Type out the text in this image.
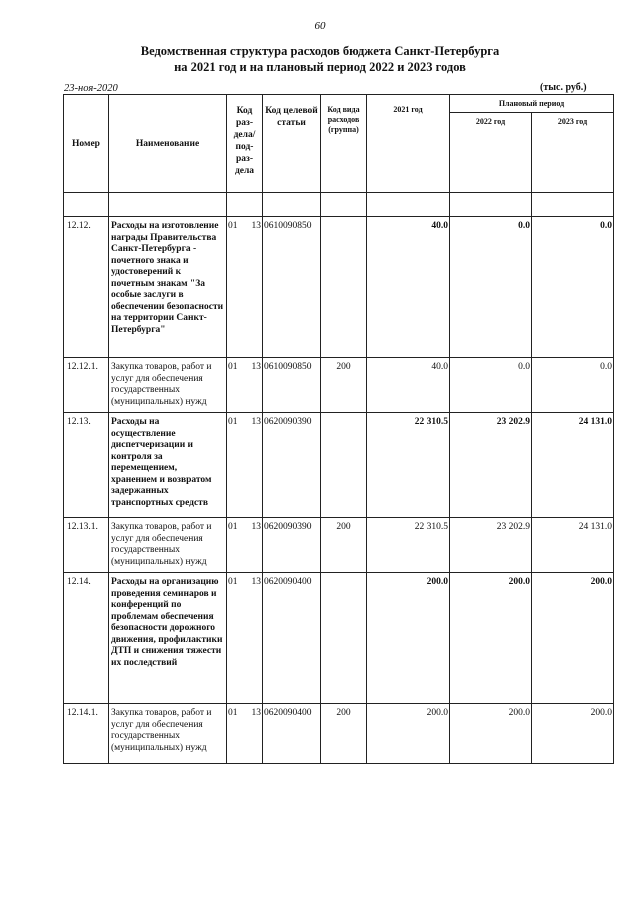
60
Ведомственная структура расходов бюджета Санкт-Петербурга
на 2021 год и на плановый период 2022 и 2023 годов
23-ноя-2020	(тыс. руб.)
Номер	Наименование	Код раз-дела/ под-раз-дела	Код целевой статьи	Код вида расходов (группа)	2021 год	Плановый период	
						2022 год	2023 год

12.12.	Расходы на изготовление награды Правительства Санкт-Петербурга - почетного знака и удостоверений к почетным знакам "За особые заслуги в обеспечении безопасности на территории Санкт-Петербурга"	01 13	0610090850		40.0	0.0	0.0
12.12.1.	Закупка товаров, работ и услуг для обеспечения государственных (муниципальных) нужд	01 13	0610090850	200	40.0	0.0	0.0
12.13.	Расходы на осуществление диспетчеризации и контроля за перемещением, хранением и возвратом задержанных транспортных средств	01 13	0620090390		22 310.5	23 202.9	24 131.0
12.13.1.	Закупка товаров, работ и услуг для обеспечения государственных (муниципальных) нужд	01 13	0620090390	200	22 310.5	23 202.9	24 131.0
12.14.	Расходы на организацию проведения семинаров и конференций по проблемам обеспечения безопасности дорожного движения, профилактики ДТП и снижения тяжести их последствий	01 13	0620090400		200.0	200.0	200.0
12.14.1.	Закупка товаров, работ и услуг для обеспечения государственных (муниципальных) нужд	01 13	0620090400	200	200.0	200.0	200.0
